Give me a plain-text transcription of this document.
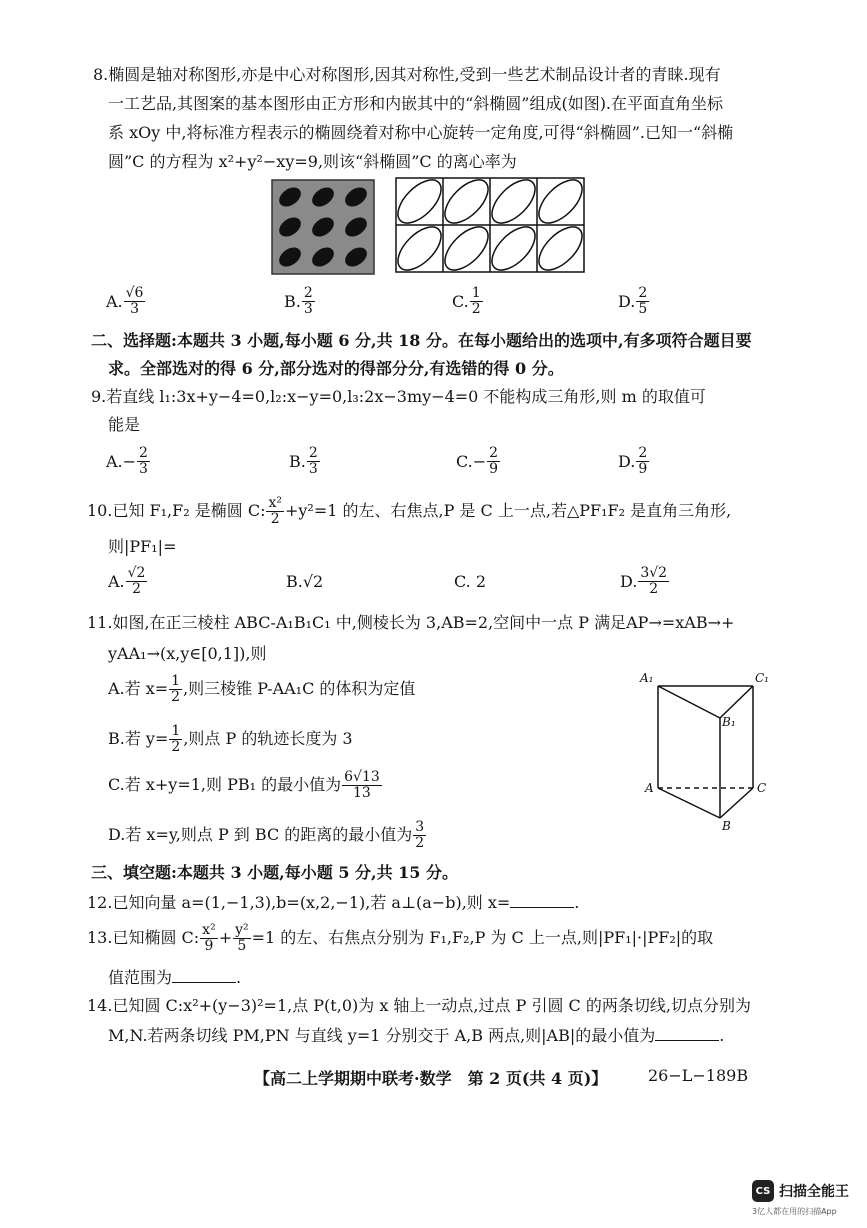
8.椭圆是轴对称图形,亦是中心对称图形,因其对称性,受到一些艺术制品设计者的青睐.现有
一工艺品,其图案的基本图形由正方形和内嵌其中的“斜椭圆”组成(如图).在平面直角坐标
系 xOy 中,将标准方程表示的椭圆绕着对称中心旋转一定角度,可得“斜椭圆”.已知一“斜椭
圆”C 的方程为 x²+y²−xy=9,则该“斜椭圆”C 的离心率为
A. $\frac{√6}{3}$	B. $\frac{2}{3}$	C. $\frac{1}{2}$	D. $\frac{2}{5}$
二、选择题:本题共 3 小题,每小题 6 分,共 18 分。在每小题给出的选项中,有多项符合题目要
求。全部选对的得 6 分,部分选对的得部分分,有选错的得 0 分。
9.若直线 l₁:3x+y−4=0,l₂:x−y=0,l₃:2x−3my−4=0 不能构成三角形,则 m 的取值可
能是
A. − $\frac{2}{3}$	B. $\frac{2}{3}$	C. − $\frac{2}{9}$	D. $\frac{2}{9}$
10.已知 F₁,F₂ 是椭圆 C: $\frac{\text{x²}}{2} +y^2=1$ 的左、右焦点,P 是 C 上一点,若△PF₁F₂ 是直角三角形,
则|PF₁|=
A. $\frac{√2}{2}$	B.√2	C. 2	D. $\frac{3√2}{2}$
11.如图,在正三棱柱 ABC-A₁B₁C₁ 中,侧棱长为 3,AB=2,空间中一点 P 满足AP→=xAB→+
yAA₁→(x,y∈[0,1]),则
A.若 $x= \frac{1}{2}$ ,则三棱锥 P-AA₁C 的体积为定值
B.若 $y= \frac{1}{2}$ ,则点 P 的轨迹长度为 3
C.若 x+y=1,则 PB₁ 的最小值为 $\frac{6√13}{13}$
D.若 x=y,则点 P 到 BC 的距离的最小值为 $\frac{3}{2}$
A₁	C₁
B₁
A	C
B
三、填空题:本题共 3 小题,每小题 5 分,共 15 分。
12.已知向量 a=(1,−1,3),b=(x,2,−1),若 a⊥(a−b),则 x=	.
13.已知椭圆 C: $\frac{\text{x²}}{9} + \frac{\text{y²}}{5} =1$ 的左、右焦点分别为 F₁,F₂,P 为 C 上一点,则|PF₁|·|PF₂|的取
值范围为	.
14.已知圆 C:x²+(y−3)²=1,点 P(t,0)为 x 轴上一动点,过点 P 引圆 C 的两条切线,切点分别为
M,N.若两条切线 PM,PN 与直线 y=1 分别交于 A,B 两点,则|AB|的最小值为	.
【高二上学期期中联考·数学　第 2 页(共 4 页)】	26−L−189B
CS 扫描全能王
3亿人都在用的扫描App
